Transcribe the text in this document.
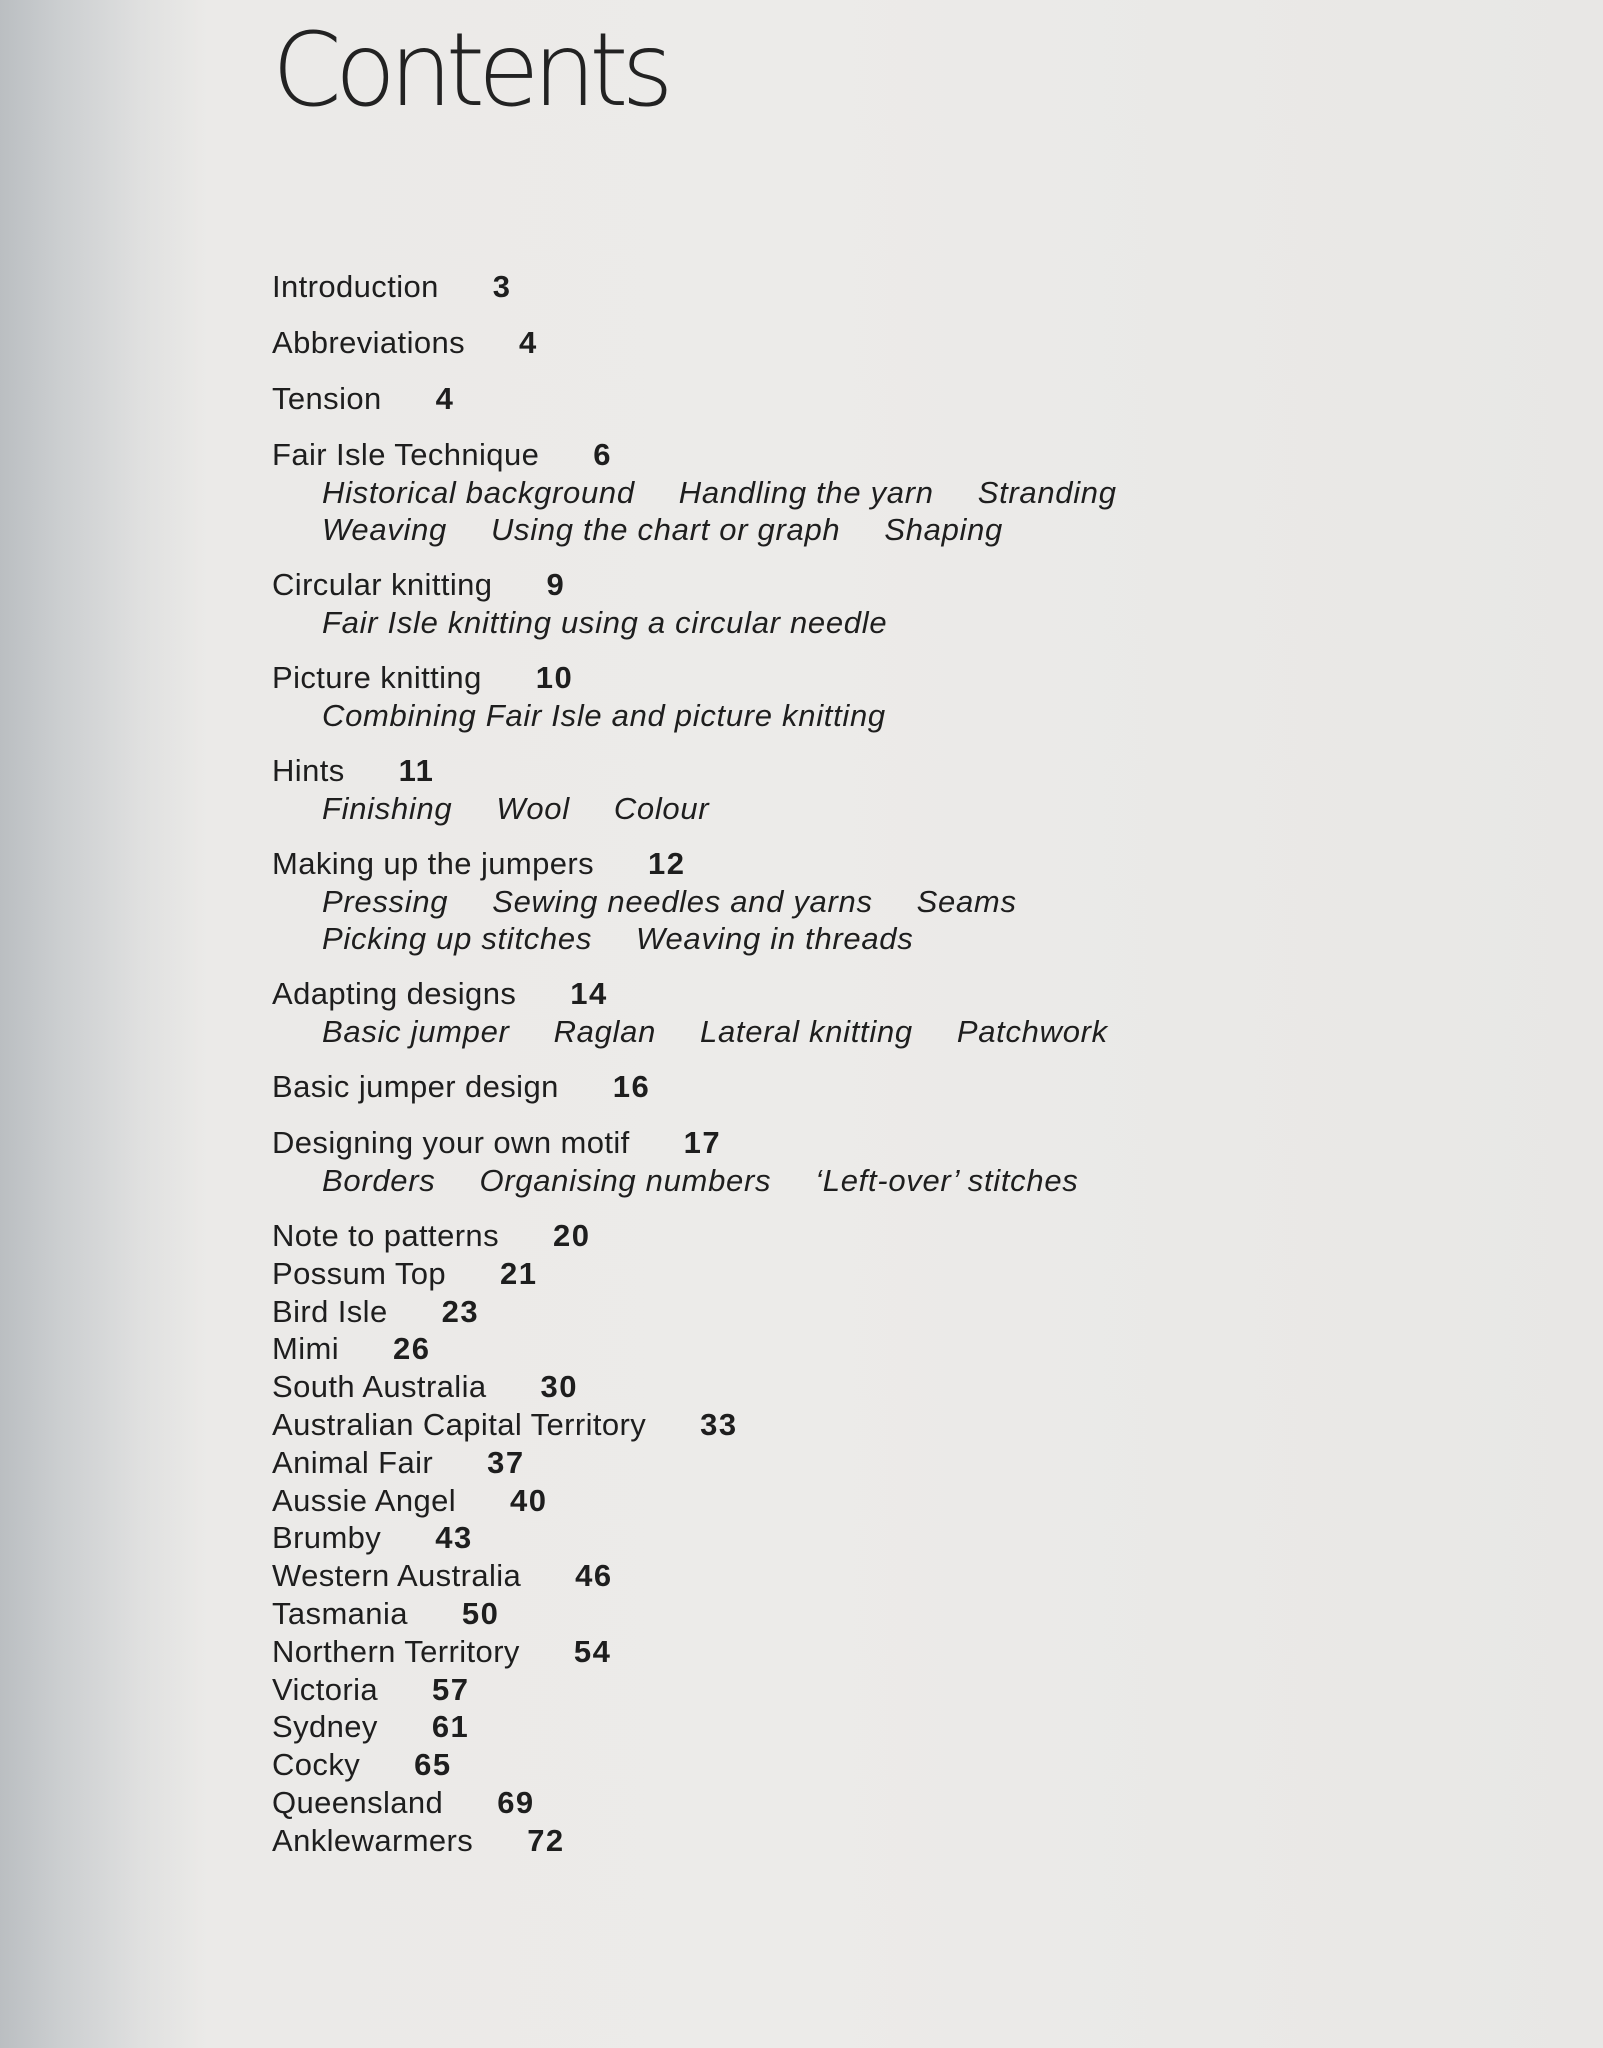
Contents
Introduction 3
Abbreviations 4
Tension 4
Fair Isle Technique 6
Historical background Handling the yarn Stranding
Weaving Using the chart or graph Shaping
Circular knitting 9
Fair Isle knitting using a circular needle
Picture knitting 10
Combining Fair Isle and picture knitting
Hints 11
Finishing Wool Colour
Making up the jumpers 12
Pressing Sewing needles and yarns Seams
Picking up stitches Weaving in threads
Adapting designs 14
Basic jumper Raglan Lateral knitting Patchwork
Basic jumper design 16
Designing your own motif 17
Borders Organising numbers ‘Left-over’ stitches
Note to patterns 20
Possum Top 21
Bird Isle 23
Mimi 26
South Australia 30
Australian Capital Territory 33
Animal Fair 37
Aussie Angel 40
Brumby 43
Western Australia 46
Tasmania 50
Northern Territory 54
Victoria 57
Sydney 61
Cocky 65
Queensland 69
Anklewarmers 72
